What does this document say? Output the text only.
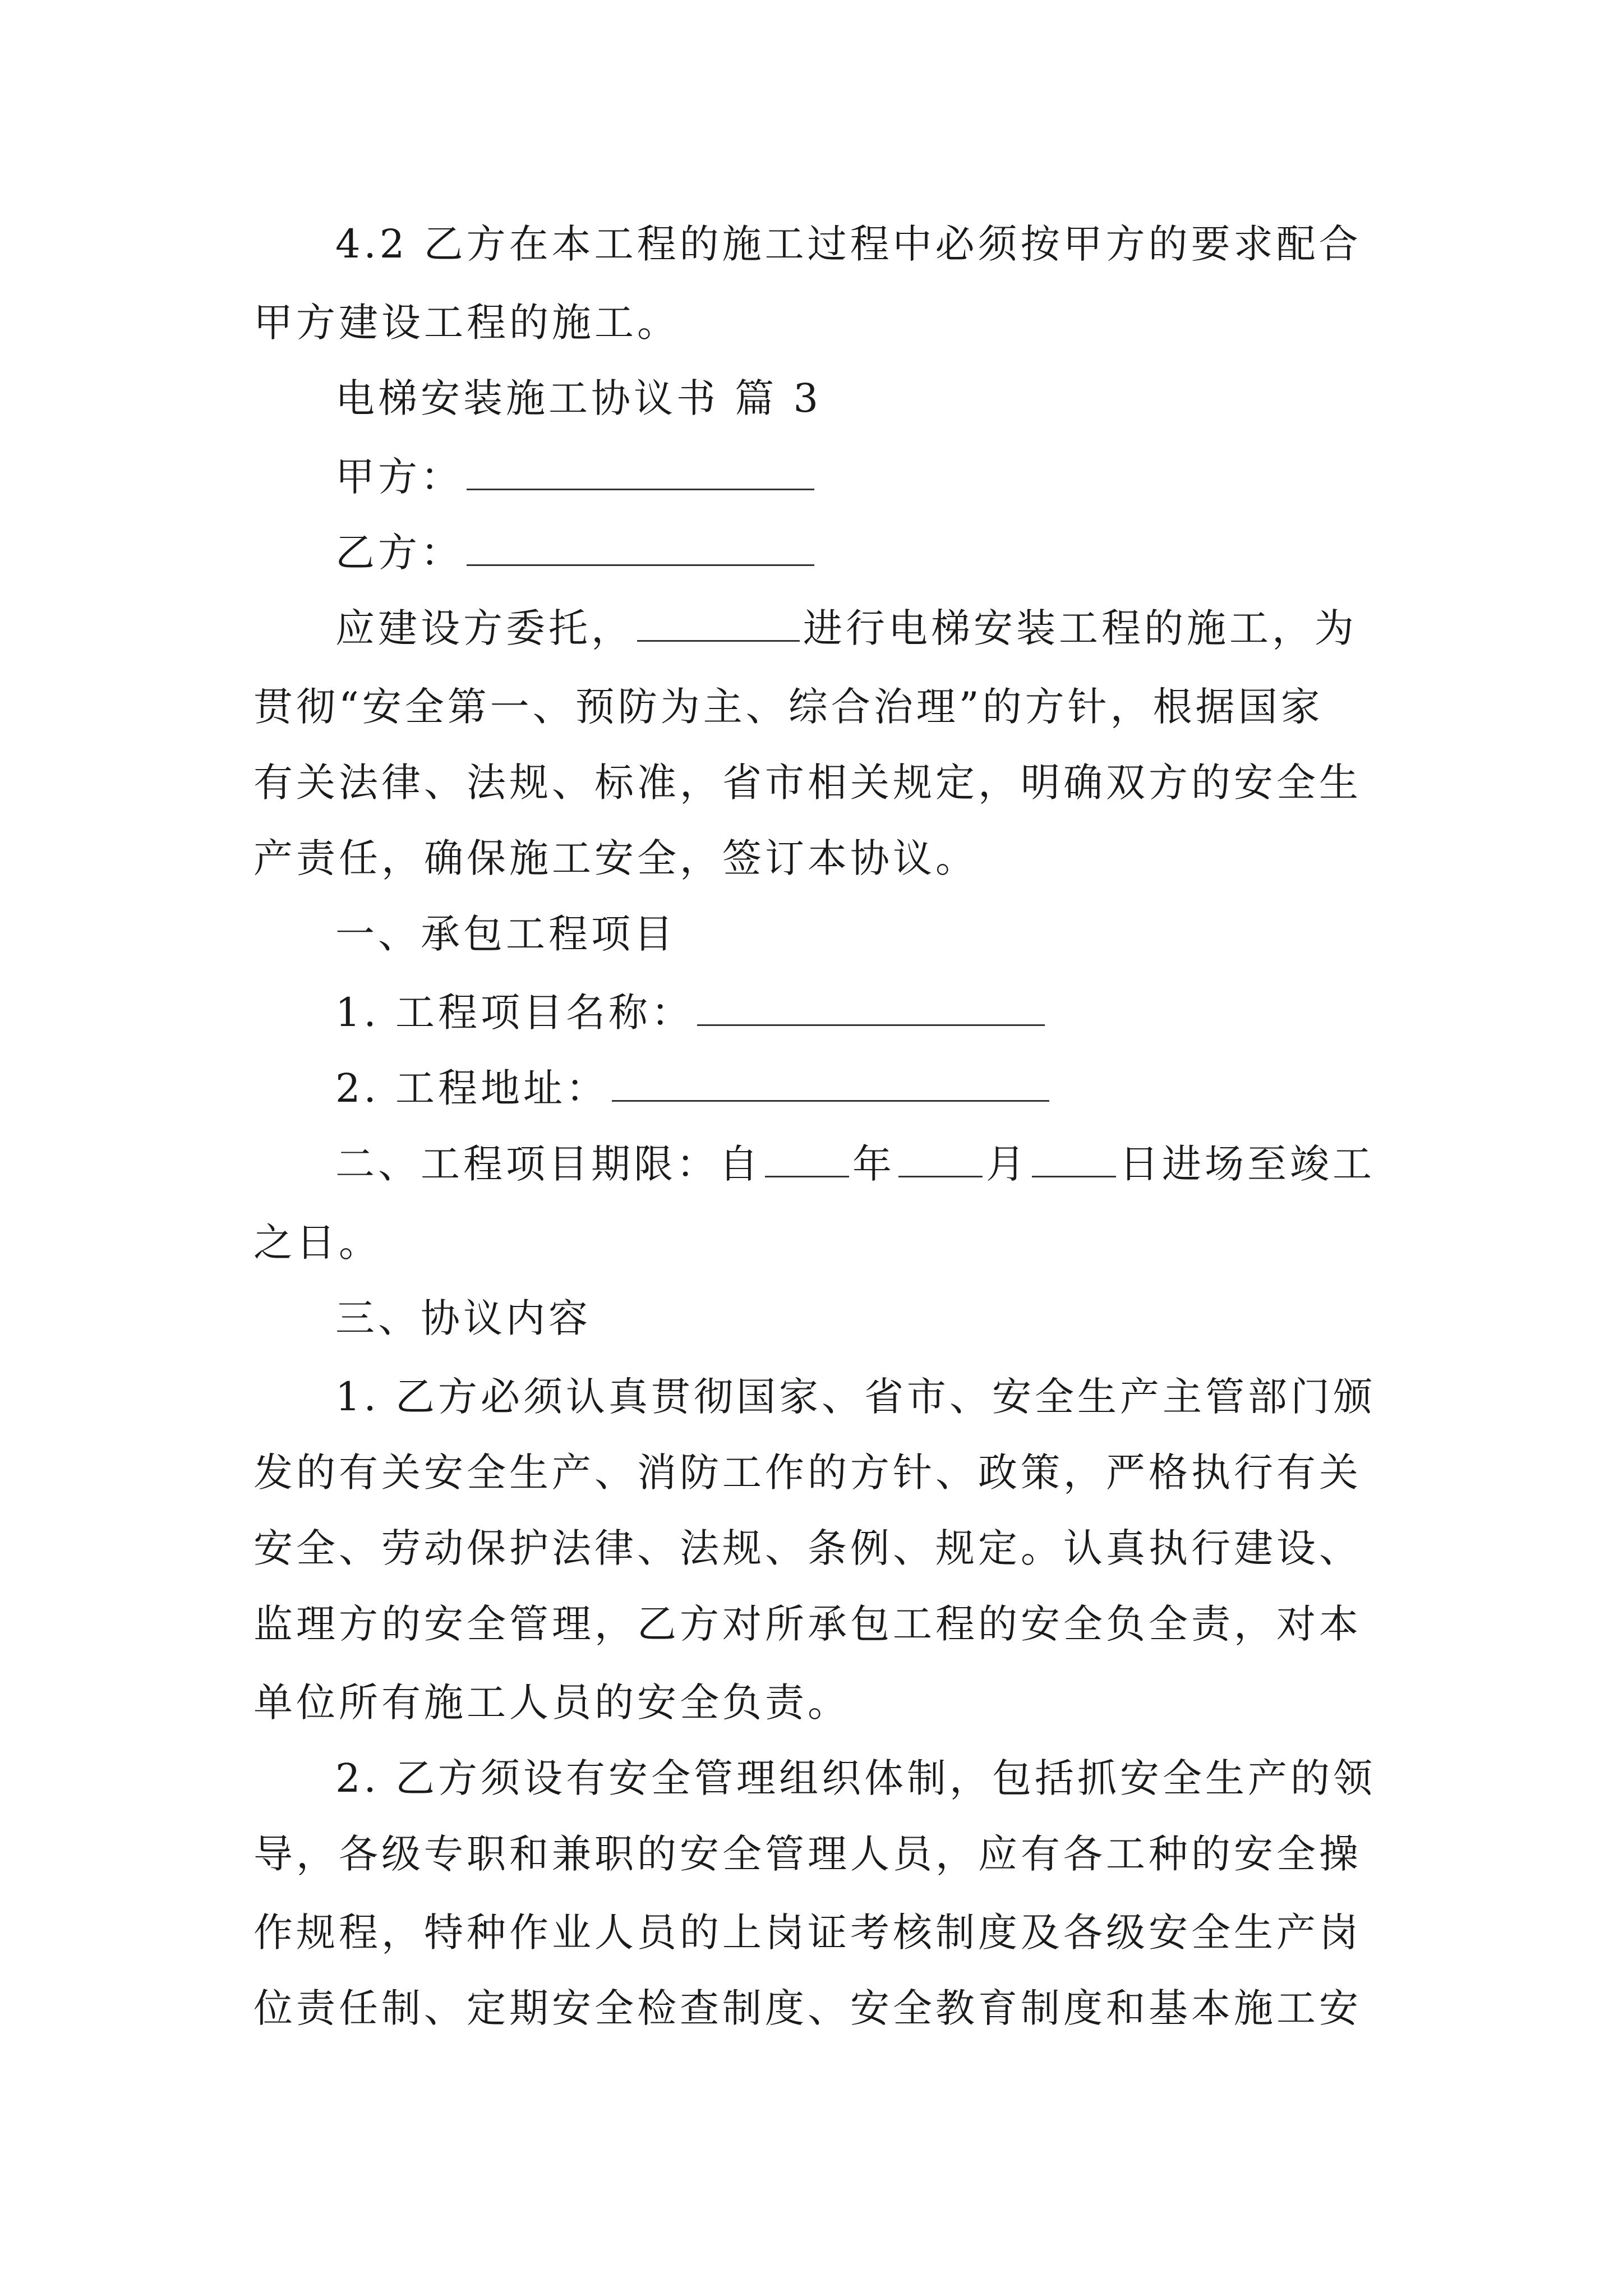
4.2 乙方在本工程的施工过程中必须按甲方的要求配合
甲方建设工程的施工。
电梯安装施工协议书 篇 3
甲方：
乙方：
应建设方委托，	进行电梯安装工程的施工，为
贯彻“安全第一、预防为主、综合治理”的方针，根据国家
有关法律、法规、标准，省市相关规定，明确双方的安全生
产责任，确保施工安全，签订本协议。
一、承包工程项目
1. 工程项目名称：
2. 工程地址：
二、工程项目期限：自 年 月 日进场至竣工
之日。
三、协议内容
1. 乙方必须认真贯彻国家、省市、安全生产主管部门颁
发的有关安全生产、消防工作的方针、政策，严格执行有关
安全、劳动保护法律、法规、条例、规定。认真执行建设、
监理方的安全管理，乙方对所承包工程的安全负全责，对本
单位所有施工人员的安全负责。
2. 乙方须设有安全管理组织体制，包括抓安全生产的领
导，各级专职和兼职的安全管理人员，应有各工种的安全操
作规程，特种作业人员的上岗证考核制度及各级安全生产岗
位责任制、定期安全检查制度、安全教育制度和基本施工安
